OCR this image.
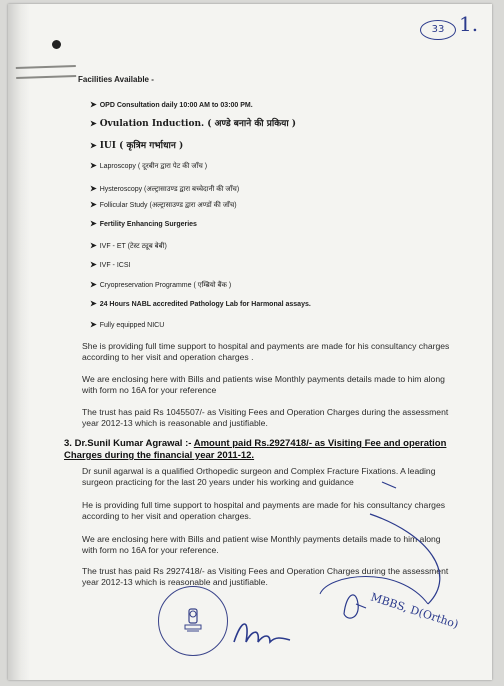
33 1.
Facilities Available -
➤ OPD Consultation daily 10:00 AM to 03:00 PM.
➤ Ovulation Induction. ( अण्डे बनाने की प्रकिया )
➤ IUI ( कृत्रिम गर्भाधान )
➤ Laproscopy ( दूरबीन द्वारा पेट की जाँच )
➤ Hysteroscopy (अल्ट्रासाउण्ड द्वारा बच्चेदानी की जाँच)
➤ Follicular Study (अल्ट्रासाउण्ड द्वारा अण्डों की जाँच)
➤ Fertility Enhancing Surgeries
➤ IVF - ET (टेस्ट ट्यूब बेबी)
➤ IVF - ICSI
➤ Cryopreservation Programme ( एम्ब्रियो बैंक )
➤ 24 Hours NABL accredited Pathology Lab for Harmonal assays.
➤ Fully equipped NICU
She is providing full time support to hospital and payments are made for his consultancy charges according to her visit and operation charges .
We are enclosing here with Bills and patients wise Monthly payments details made to him along with form no 16A for your reference
The trust has paid Rs 1045507/- as Visiting Fees and Operation Charges during the assessment year 2012-13 which is reasonable and justifiable.
3. Dr.Sunil Kumar Agrawal :- Amount paid Rs.2927418/- as Visiting Fee and operation Charges during the financial year 2011-12.
Dr sunil agarwal is a qualified Orthopedic surgeon and Complex Fracture Fixations. A leading surgeon practicing for the last 20 years under his working and guidance
He is providing full time support to hospital and payments are made for his consultancy charges according to her visit and operation charges.
We are enclosing here with Bills and patient wise Monthly payments details made to him along with form no 16A for your reference.
The trust has paid Rs 2927418/- as Visiting Fees and Operation Charges during the assessment year 2012-13 which is reasonable and justifiable.
MBBS, D(Ortho)
